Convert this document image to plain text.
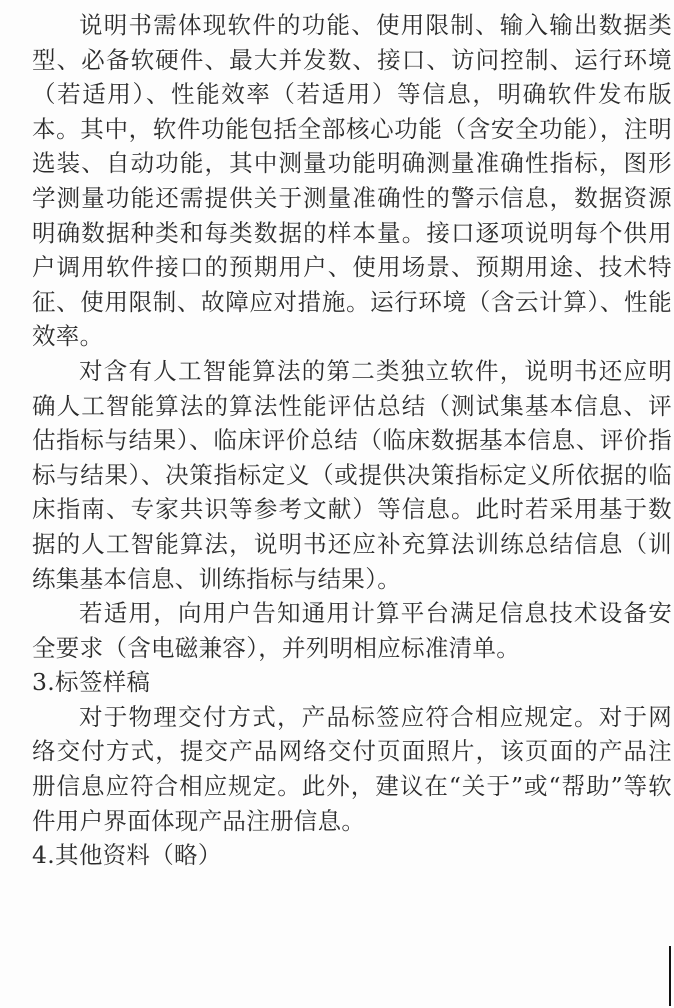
说明书需体现软件的功能、使用限制、输入输出数据类型、必备软硬件、最大并发数、接口、访问控制、运行环境（若适用）、性能效率（若适用）等信息，明确软件发布版本。其中，软件功能包括全部核心功能（含安全功能），注明选装、自动功能，其中测量功能明确测量准确性指标，图形学测量功能还需提供关于测量准确性的警示信息，数据资源明确数据种类和每类数据的样本量。接口逐项说明每个供用户调用软件接口的预期用户、使用场景、预期用途、技术特征、使用限制、故障应对措施。运行环境（含云计算）、性能效率。

对含有人工智能算法的第二类独立软件，说明书还应明确人工智能算法的算法性能评估总结（测试集基本信息、评估指标与结果）、临床评价总结（临床数据基本信息、评价指标与结果）、决策指标定义（或提供决策指标定义所依据的临床指南、专家共识等参考文献）等信息。此时若采用基于数据的人工智能算法，说明书还应补充算法训练总结信息（训练集基本信息、训练指标与结果）。

若适用，向用户告知通用计算平台满足信息技术设备安全要求（含电磁兼容），并列明相应标准清单。

3.标签样稿

对于物理交付方式，产品标签应符合相应规定。对于网络交付方式，提交产品网络交付页面照片，该页面的产品注册信息应符合相应规定。此外，建议在“关于”或“帮助”等软件用户界面体现产品注册信息。

4.其他资料（略）
